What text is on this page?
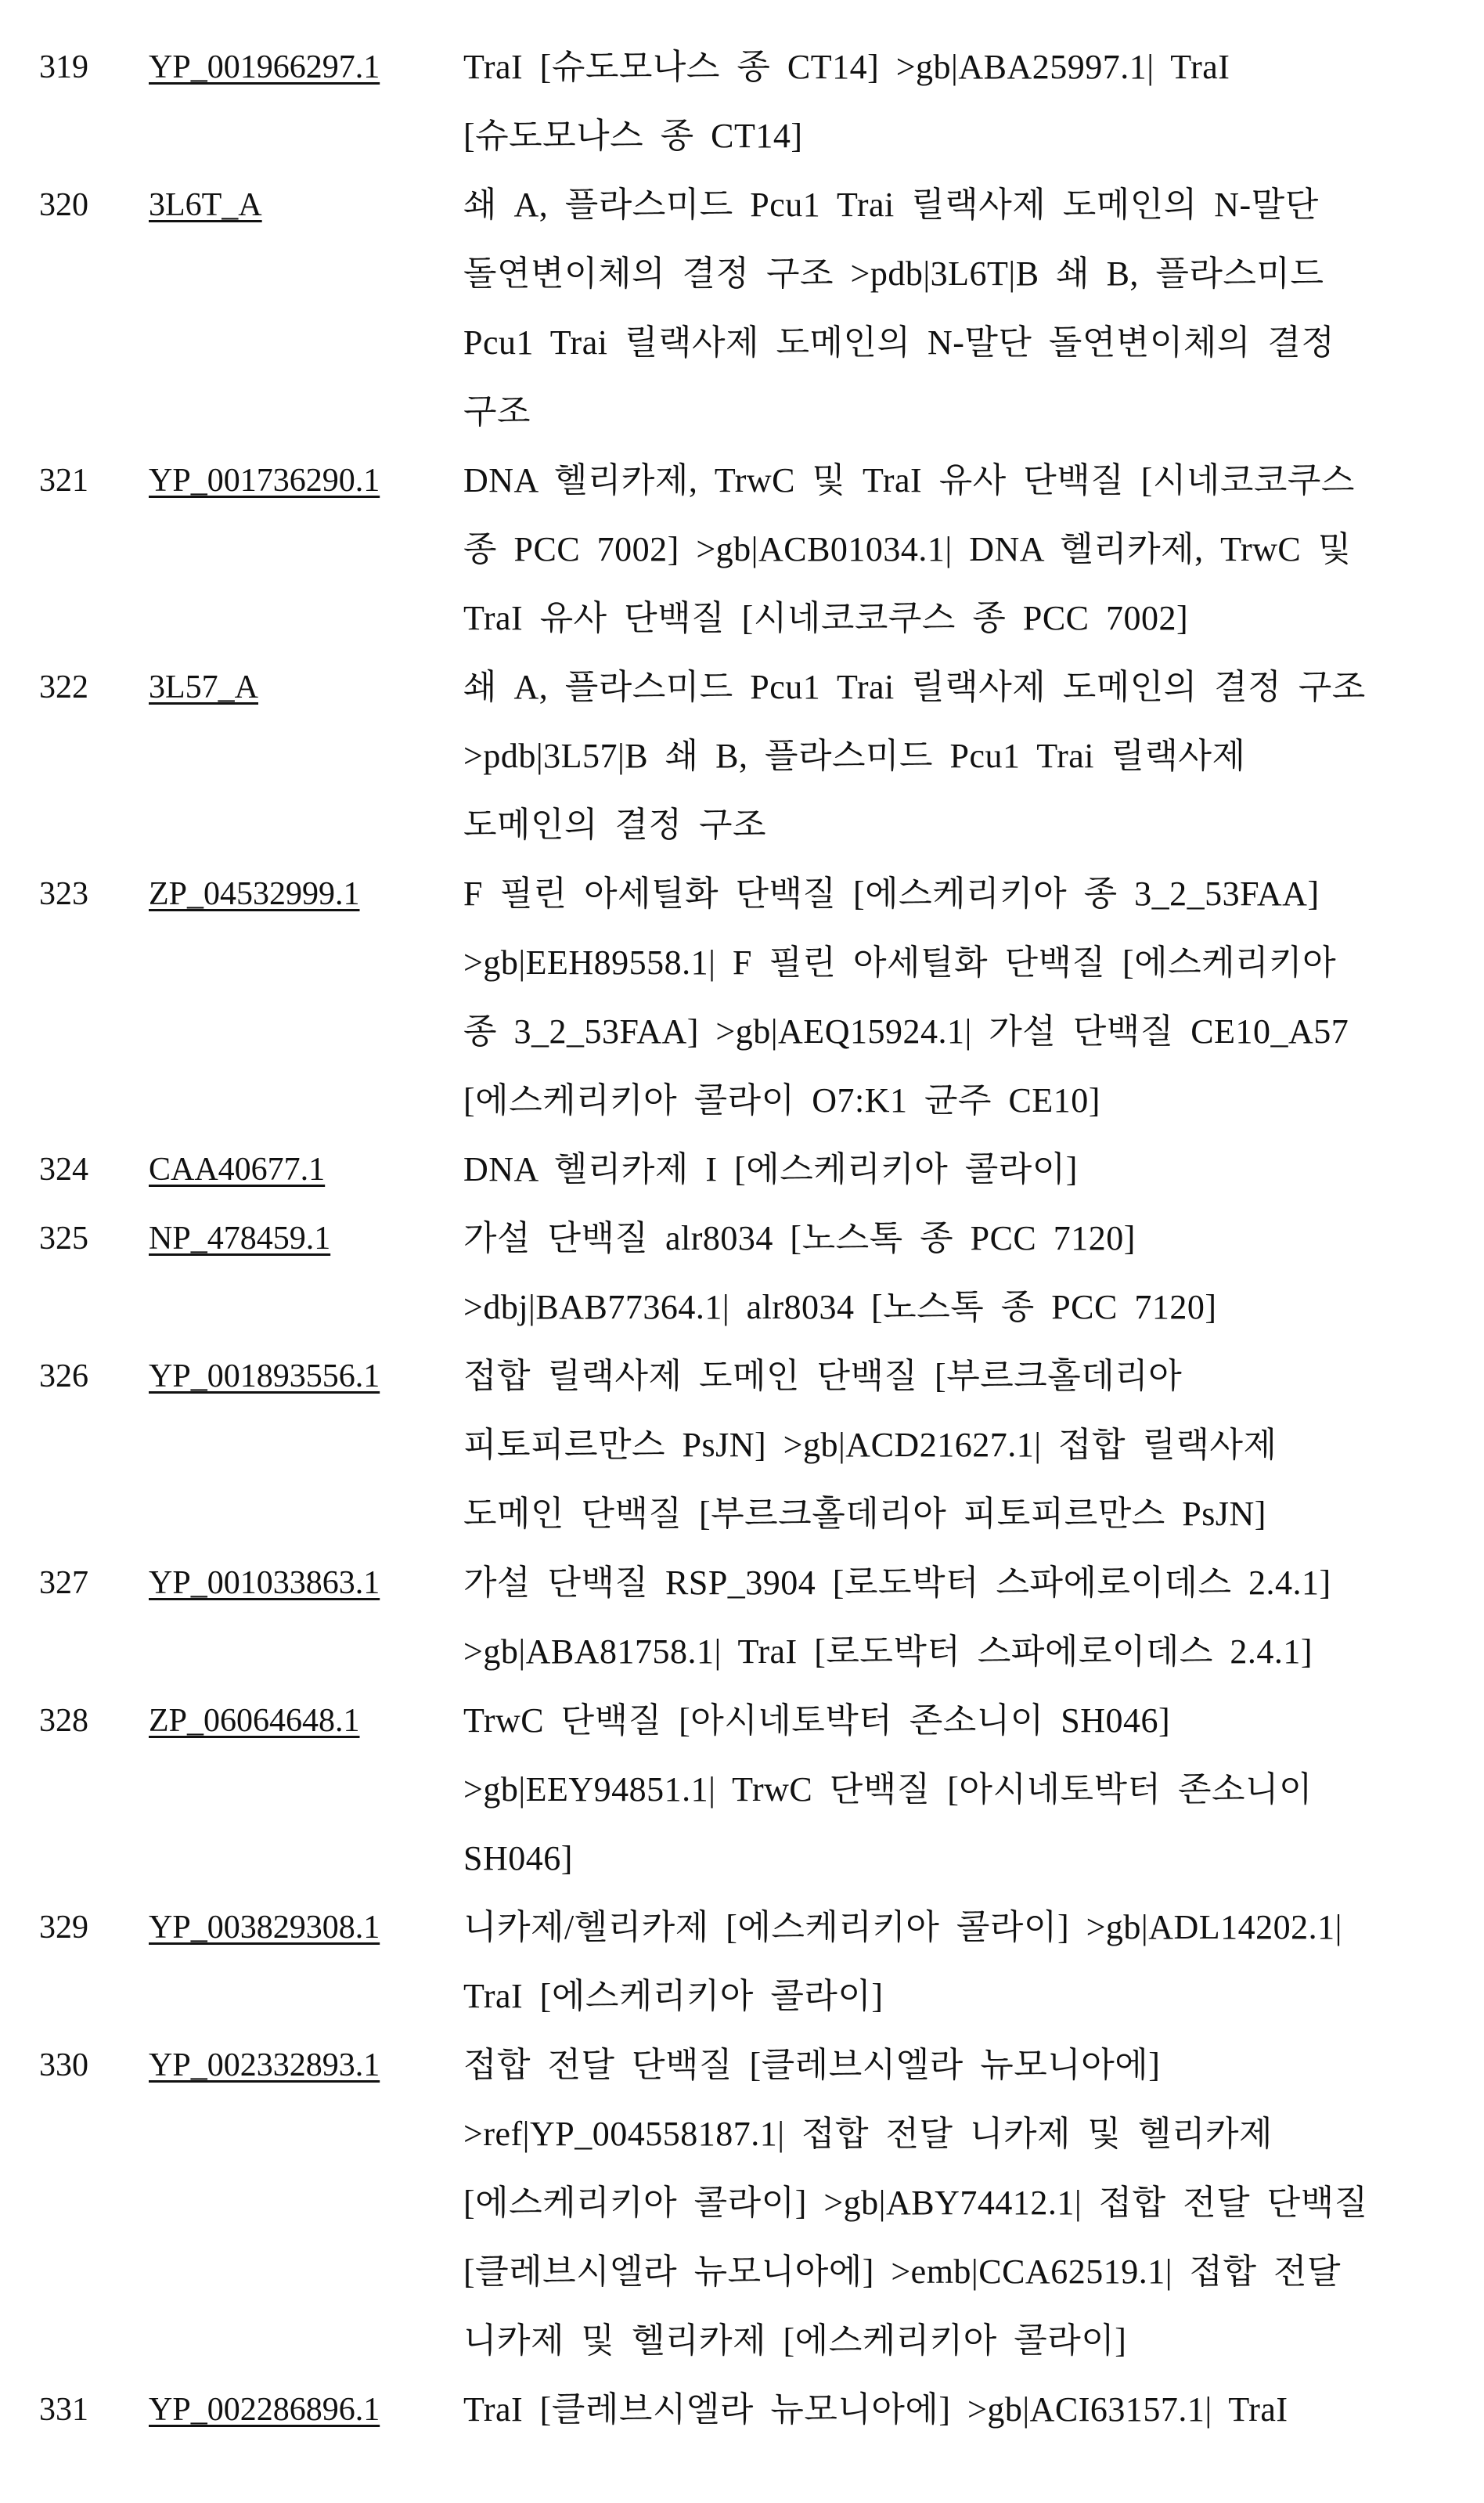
319	YP_001966297.1	TraI [슈도모나스 종 CT14] >gb|ABA25997.1| TraI
[슈도모나스 종 CT14]
320	3L6T_A	쇄 A, 플라스미드 Pcu1 Trai 릴랙사제 도메인의 N-말단
돌연변이체의 결정 구조 >pdb|3L6T|B 쇄 B, 플라스미드
Pcu1 Trai 릴랙사제 도메인의 N-말단 돌연변이체의 결정
구조
321	YP_001736290.1	DNA 헬리카제, TrwC 및 TraI 유사 단백질 [시네코코쿠스
종 PCC 7002] >gb|ACB01034.1| DNA 헬리카제, TrwC 및
TraI 유사 단백질 [시네코코쿠스 종 PCC 7002]
322	3L57_A	쇄 A, 플라스미드 Pcu1 Trai 릴랙사제 도메인의 결정 구조
>pdb|3L57|B 쇄 B, 플라스미드 Pcu1 Trai 릴랙사제
도메인의 결정 구조
323	ZP_04532999.1	F 필린 아세틸화 단백질 [에스케리키아 종 3_2_53FAA]
>gb|EEH89558.1| F 필린 아세틸화 단백질 [에스케리키아
종 3_2_53FAA] >gb|AEQ15924.1| 가설 단백질 CE10_A57
[에스케리키아 콜라이 O7:K1 균주 CE10]
324	CAA40677.1	DNA 헬리카제 I [에스케리키아 콜라이]
325	NP_478459.1	가설 단백질 alr8034 [노스톡 종 PCC 7120]
>dbj|BAB77364.1| alr8034 [노스톡 종 PCC 7120]
326	YP_001893556.1	접합 릴랙사제 도메인 단백질 [부르크홀데리아
피토피르만스 PsJN] >gb|ACD21627.1| 접합 릴랙사제
도메인 단백질 [부르크홀데리아 피토피르만스 PsJN]
327	YP_001033863.1	가설 단백질 RSP_3904 [로도박터 스파에로이데스 2.4.1]
>gb|ABA81758.1| TraI [로도박터 스파에로이데스 2.4.1]
328	ZP_06064648.1	TrwC 단백질 [아시네토박터 존소니이 SH046]
>gb|EEY94851.1| TrwC 단백질 [아시네토박터 존소니이
SH046]
329	YP_003829308.1	니카제/헬리카제 [에스케리키아 콜라이] >gb|ADL14202.1|
TraI [에스케리키아 콜라이]
330	YP_002332893.1	접합 전달 단백질 [클레브시엘라 뉴모니아에]
>ref|YP_004558187.1| 접합 전달 니카제 및 헬리카제
[에스케리키아 콜라이] >gb|ABY74412.1| 접합 전달 단백질
[클레브시엘라 뉴모니아에] >emb|CCA62519.1| 접합 전달
니카제 및 헬리카제 [에스케리키아 콜라이]
331	YP_002286896.1	TraI [클레브시엘라 뉴모니아에] >gb|ACI63157.1| TraI
